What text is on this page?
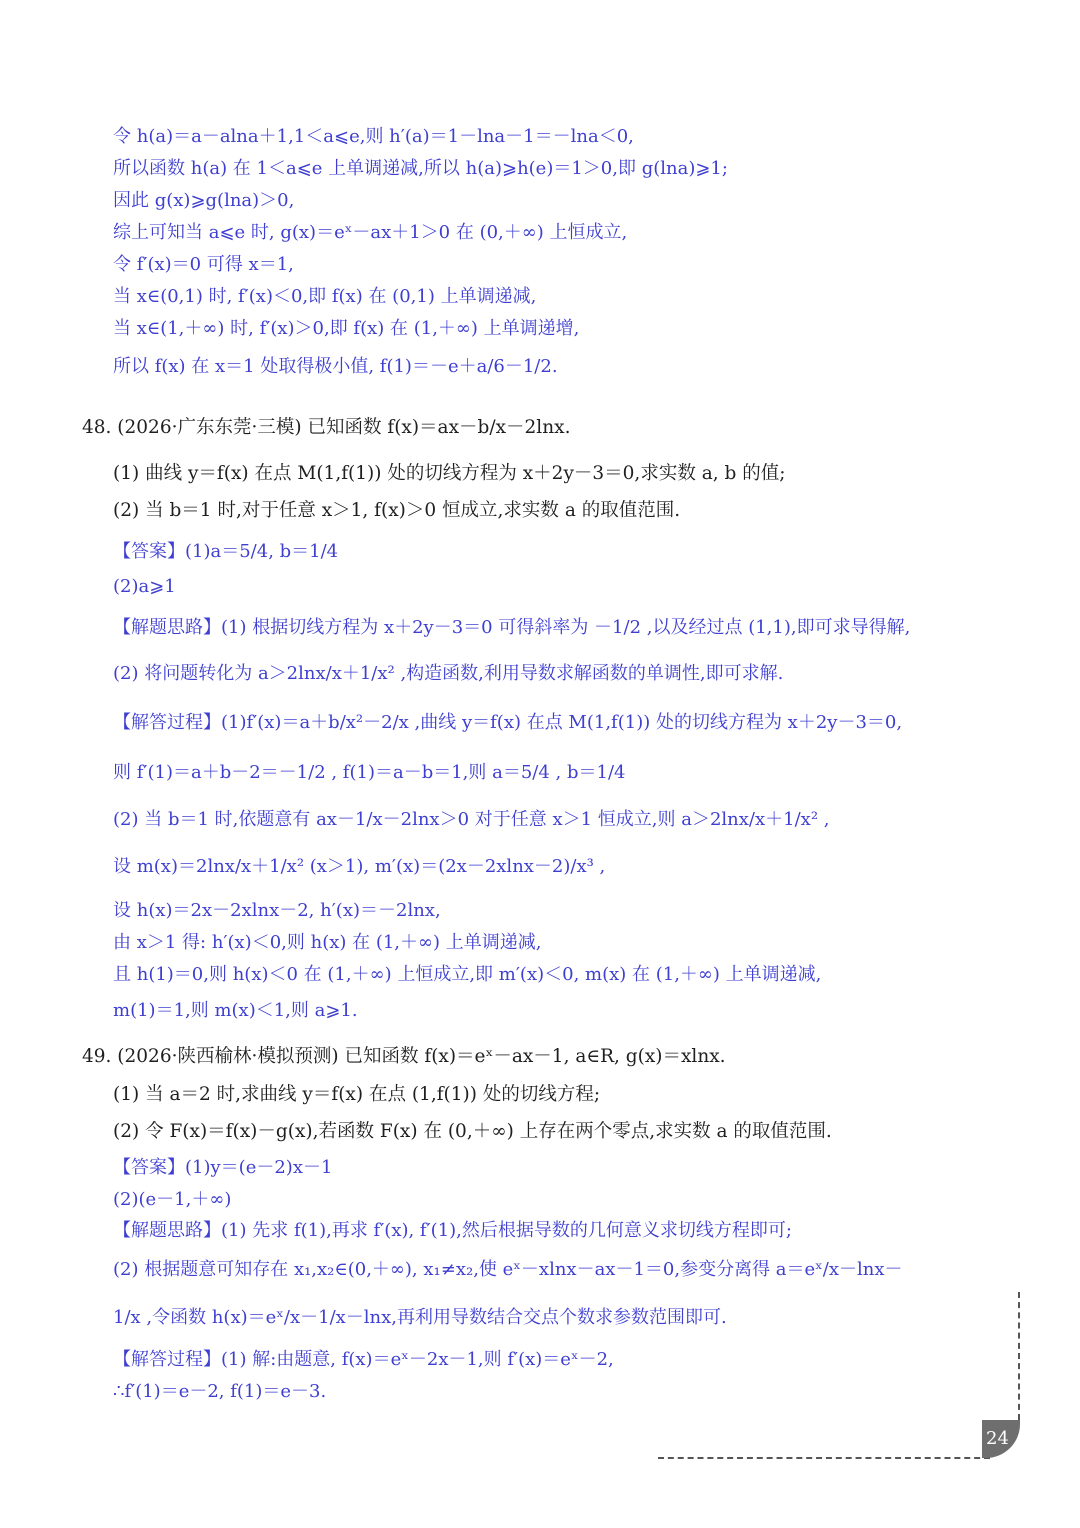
令 h(a)＝a－alna＋1,1＜a⩽e,则 h′(a)＝1－lna－1＝－lna＜0,
所以函数 h(a) 在 1＜a⩽e 上单调递减,所以 h(a)⩾h(e)＝1＞0,即 g(lna)⩾1;
因此 g(x)⩾g(lna)＞0,
综上可知当 a⩽e 时, g(x)＝eˣ－ax＋1＞0 在 (0,＋∞) 上恒成立,
令 f′(x)＝0 可得 x＝1,
当 x∈(0,1) 时, f′(x)＜0,即 f(x) 在 (0,1) 上单调递减,
当 x∈(1,＋∞) 时, f′(x)＞0,即 f(x) 在 (1,＋∞) 上单调递增,
所以 f(x) 在 x＝1 处取得极小值, f(1)＝－e＋a/6－1/2.
48. (2026·广东东莞·三模) 已知函数 f(x)＝ax－b/x－2lnx.
(1) 曲线 y＝f(x) 在点 M(1,f(1)) 处的切线方程为 x＋2y－3＝0,求实数 a, b 的值;
(2) 当 b＝1 时,对于任意 x＞1, f(x)＞0 恒成立,求实数 a 的取值范围.
【答案】(1)a＝5/4, b＝1/4
(2)a⩾1
【解题思路】(1) 根据切线方程为 x＋2y－3＝0 可得斜率为 －1/2 ,以及经过点 (1,1),即可求导得解,
(2) 将问题转化为 a＞2lnx/x＋1/x² ,构造函数,利用导数求解函数的单调性,即可求解.
【解答过程】(1)f′(x)＝a＋b/x²－2/x ,曲线 y＝f(x) 在点 M(1,f(1)) 处的切线方程为 x＋2y－3＝0,
则 f′(1)＝a＋b－2＝－1/2 , f(1)＝a－b＝1,则 a＝5/4 , b＝1/4
(2) 当 b＝1 时,依题意有 ax－1/x－2lnx＞0 对于任意 x＞1 恒成立,则 a＞2lnx/x＋1/x² ,
设 m(x)＝2lnx/x＋1/x² (x＞1), m′(x)＝(2x－2xlnx－2)/x³ ,
设 h(x)＝2x－2xlnx－2, h′(x)＝－2lnx,
由 x＞1 得: h′(x)＜0,则 h(x) 在 (1,＋∞) 上单调递减,
且 h(1)＝0,则 h(x)＜0 在 (1,＋∞) 上恒成立,即 m′(x)＜0, m(x) 在 (1,＋∞) 上单调递减,
m(1)＝1,则 m(x)＜1,则 a⩾1.
49. (2026·陕西榆林·模拟预测) 已知函数 f(x)＝eˣ－ax－1, a∈R, g(x)＝xlnx.
(1) 当 a＝2 时,求曲线 y＝f(x) 在点 (1,f(1)) 处的切线方程;
(2) 令 F(x)＝f(x)－g(x),若函数 F(x) 在 (0,＋∞) 上存在两个零点,求实数 a 的取值范围.
【答案】(1)y＝(e－2)x－1
(2)(e－1,＋∞)
【解题思路】(1) 先求 f(1),再求 f′(x), f′(1),然后根据导数的几何意义求切线方程即可;
(2) 根据题意可知存在 x₁,x₂∈(0,＋∞), x₁≠x₂,使 eˣ－xlnx－ax－1＝0,参变分离得 a＝eˣ/x－lnx－
1/x ,令函数 h(x)＝eˣ/x－1/x－lnx,再利用导数结合交点个数求参数范围即可.
【解答过程】(1) 解:由题意, f(x)＝eˣ－2x－1,则 f′(x)＝eˣ－2,
∴f′(1)＝e－2, f(1)＝e－3.
24
